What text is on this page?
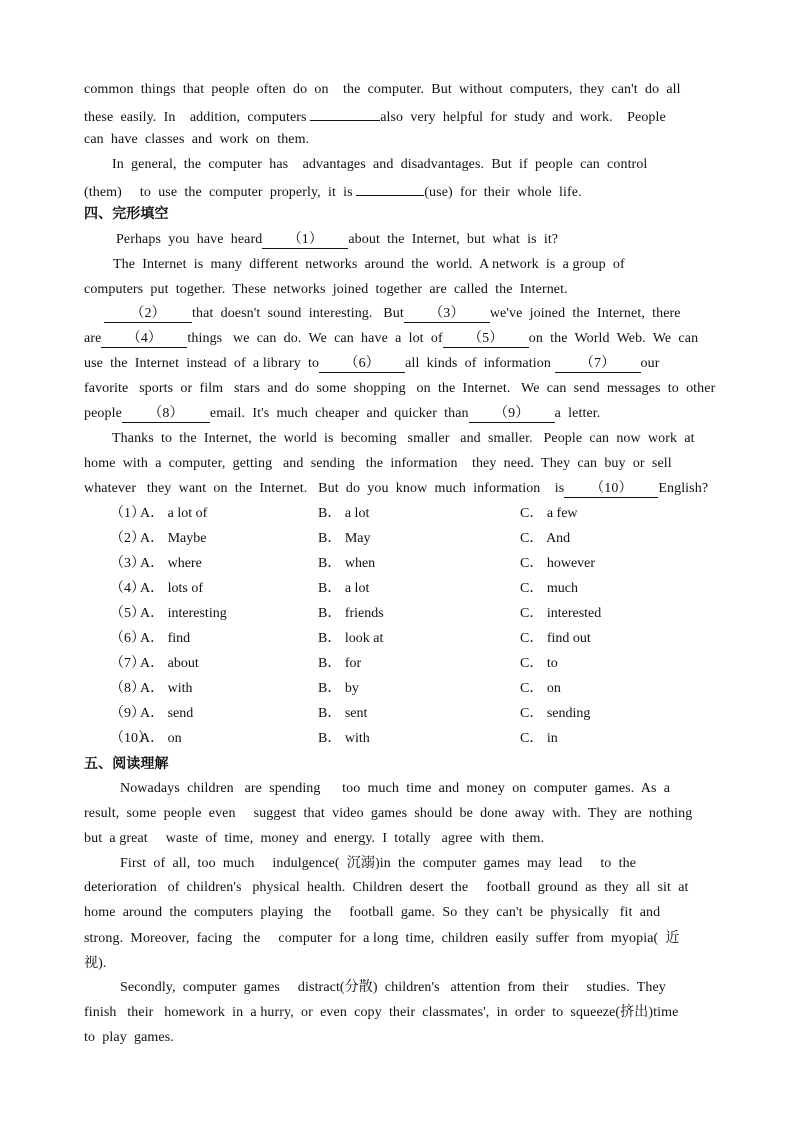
common  things  that  people  often  do  on    the  computer.  But  without  computers,  they  can't  do  all
these  easily.  In    addition,  computers	also  very  helpful  for  study  and  work.    People
can  have  classes  and  work  on  them.
In  general,  the  computer  has    advantages  and  disadvantages.  But  if  people  can  control
(them)     to  use  the  computer  properly,  it  is	(use)  for  their  whole  life.
四、完形填空
Perhaps  you  have  heard （1） about  the  Internet,  but  what  is  it?
The  Internet  is  many  different  networks  around  the  world.  A network  is  a group  of
computers  put  together.  These  networks  joined  together  are  called  the  Internet.
（2） that  doesn't  sound  interesting.   But （3） we've  joined  the  Internet,  there
are （4） things   we  can  do.  We  can  have  a  lot  of （5） on  the  World  Web.  We  can
use  the  Internet  instead  of  a library  to （6） all  kinds  of  information （7） our
favorite   sports  or  film   stars  and  do  some  shopping   on  the  Internet.   We  can  send  messages  to  other
people （8） email.  It's  much  cheaper  and  quicker  than （9） a  letter.
Thanks  to  the  Internet,  the  world  is  becoming   smaller   and  smaller.   People  can  now  work  at
home  with  a  computer,  getting   and  sending   the  information    they  need.  They  can  buy  or  sell
whatever   they  want  on  the  Internet.   But  do  you  know  much  information    is （10） English?
（1）
A． a lot of	B． a lot	C． a few
（2）
A． Maybe	B． May	C． And
（3）
A． where	B． when	C． however
（4）
A． lots of	B． a lot	C． much
（5）
A． interesting	B． friends	C． interested
（6）
A． find	B． look at	C． find out
（7）
A． about	B． for	C． to
（8）
A． with	B． by	C． on
（9）
A． send	B． sent	C． sending
（10）
A． on	B． with	C． in
五、阅读理解
Nowadays  children   are  spending      too  much  time  and  money  on  computer  games.  As  a
result,  some  people  even     suggest  that  video  games  should  be  done  away  with.  They  are  nothing
but  a great     waste  of  time,  money  and  energy.  I  totally   agree  with  them.
First  of  all,  too  much     indulgence(  沉溺)in  the  computer  games  may  lead     to  the
deterioration   of  children's   physical  health.  Children  desert  the     football  ground  as  they  all  sit  at
home  around  the  computers  playing   the     football  game.  So  they  can't  be  physically   fit  and
strong.  Moreover,  facing   the     computer  for  a long  time,  children  easily  suffer  from  myopia(  近
视).
Secondly,  computer  games     distract(分散)  children's   attention  from  their     studies.  They
finish   their   homework  in  a hurry,  or  even  copy  their  classmates',  in  order  to  squeeze(挤出)time
to  play  games.
